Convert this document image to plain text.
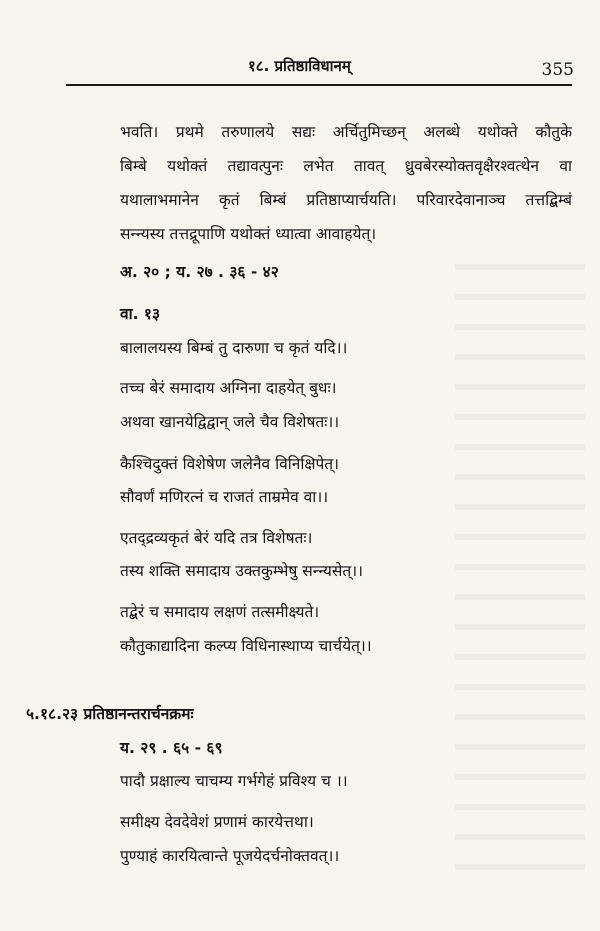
१८. प्रतिष्ठाविधानम्	355
भवति। प्रथमे तरुणालये सद्यः अर्चितुमिच्छन् अलब्धे यथोक्ते कौतुके
बिम्बे यथोक्तं तद्यावत्पुनः लभेत तावत् ध्रुवबेरस्योक्तवृक्षैरश्वत्थेन वा
यथालाभमानेन कृतं बिम्बं प्रतिष्ठाप्यार्चयति। परिवारदेवानाञ्च तत्तद्बिम्बं
सन्न्यस्य तत्तद्रूपाणि यथोक्तं ध्यात्वा आवाहयेत्।
अ. २० ; य. २७ . ३६ - ४२
वा. १३
बालालयस्य बिम्बं तु दारुणा च कृतं यदि।।
तच्च बेरं समादाय अग्निना दाहयेत् बुधः।
अथवा खानयेद्विद्वान् जले चैव विशेषतः।।
कैश्चिदुक्तं विशेषेण जलेनैव विनिक्षिपेत्।
सौवर्णं मणिरत्नं च राजतं ताम्रमेव वा।।
एतद्द्रव्यकृतं बेरं यदि तत्र विशेषतः।
तस्य शक्ति समादाय उक्तकुम्भेषु सन्न्यसेत्।।
तद्बेरं च समादाय लक्षणं तत्समीक्ष्यते।
कौतुकाद्यादिना कल्प्य विधिनास्थाप्य चार्चयेत्।।
५.१८.२३ प्रतिष्ठानन्तरार्चनक्रमः
य. २९ . ६५ - ६९
पादौ प्रक्षाल्य चाचम्य गर्भगेहं प्रविश्य च ।।
समीक्ष्य देवदेवेशं प्रणामं कारयेत्तथा।
पुण्याहं कारयित्वान्ते पूजयेदर्चनोक्तवत्।।
